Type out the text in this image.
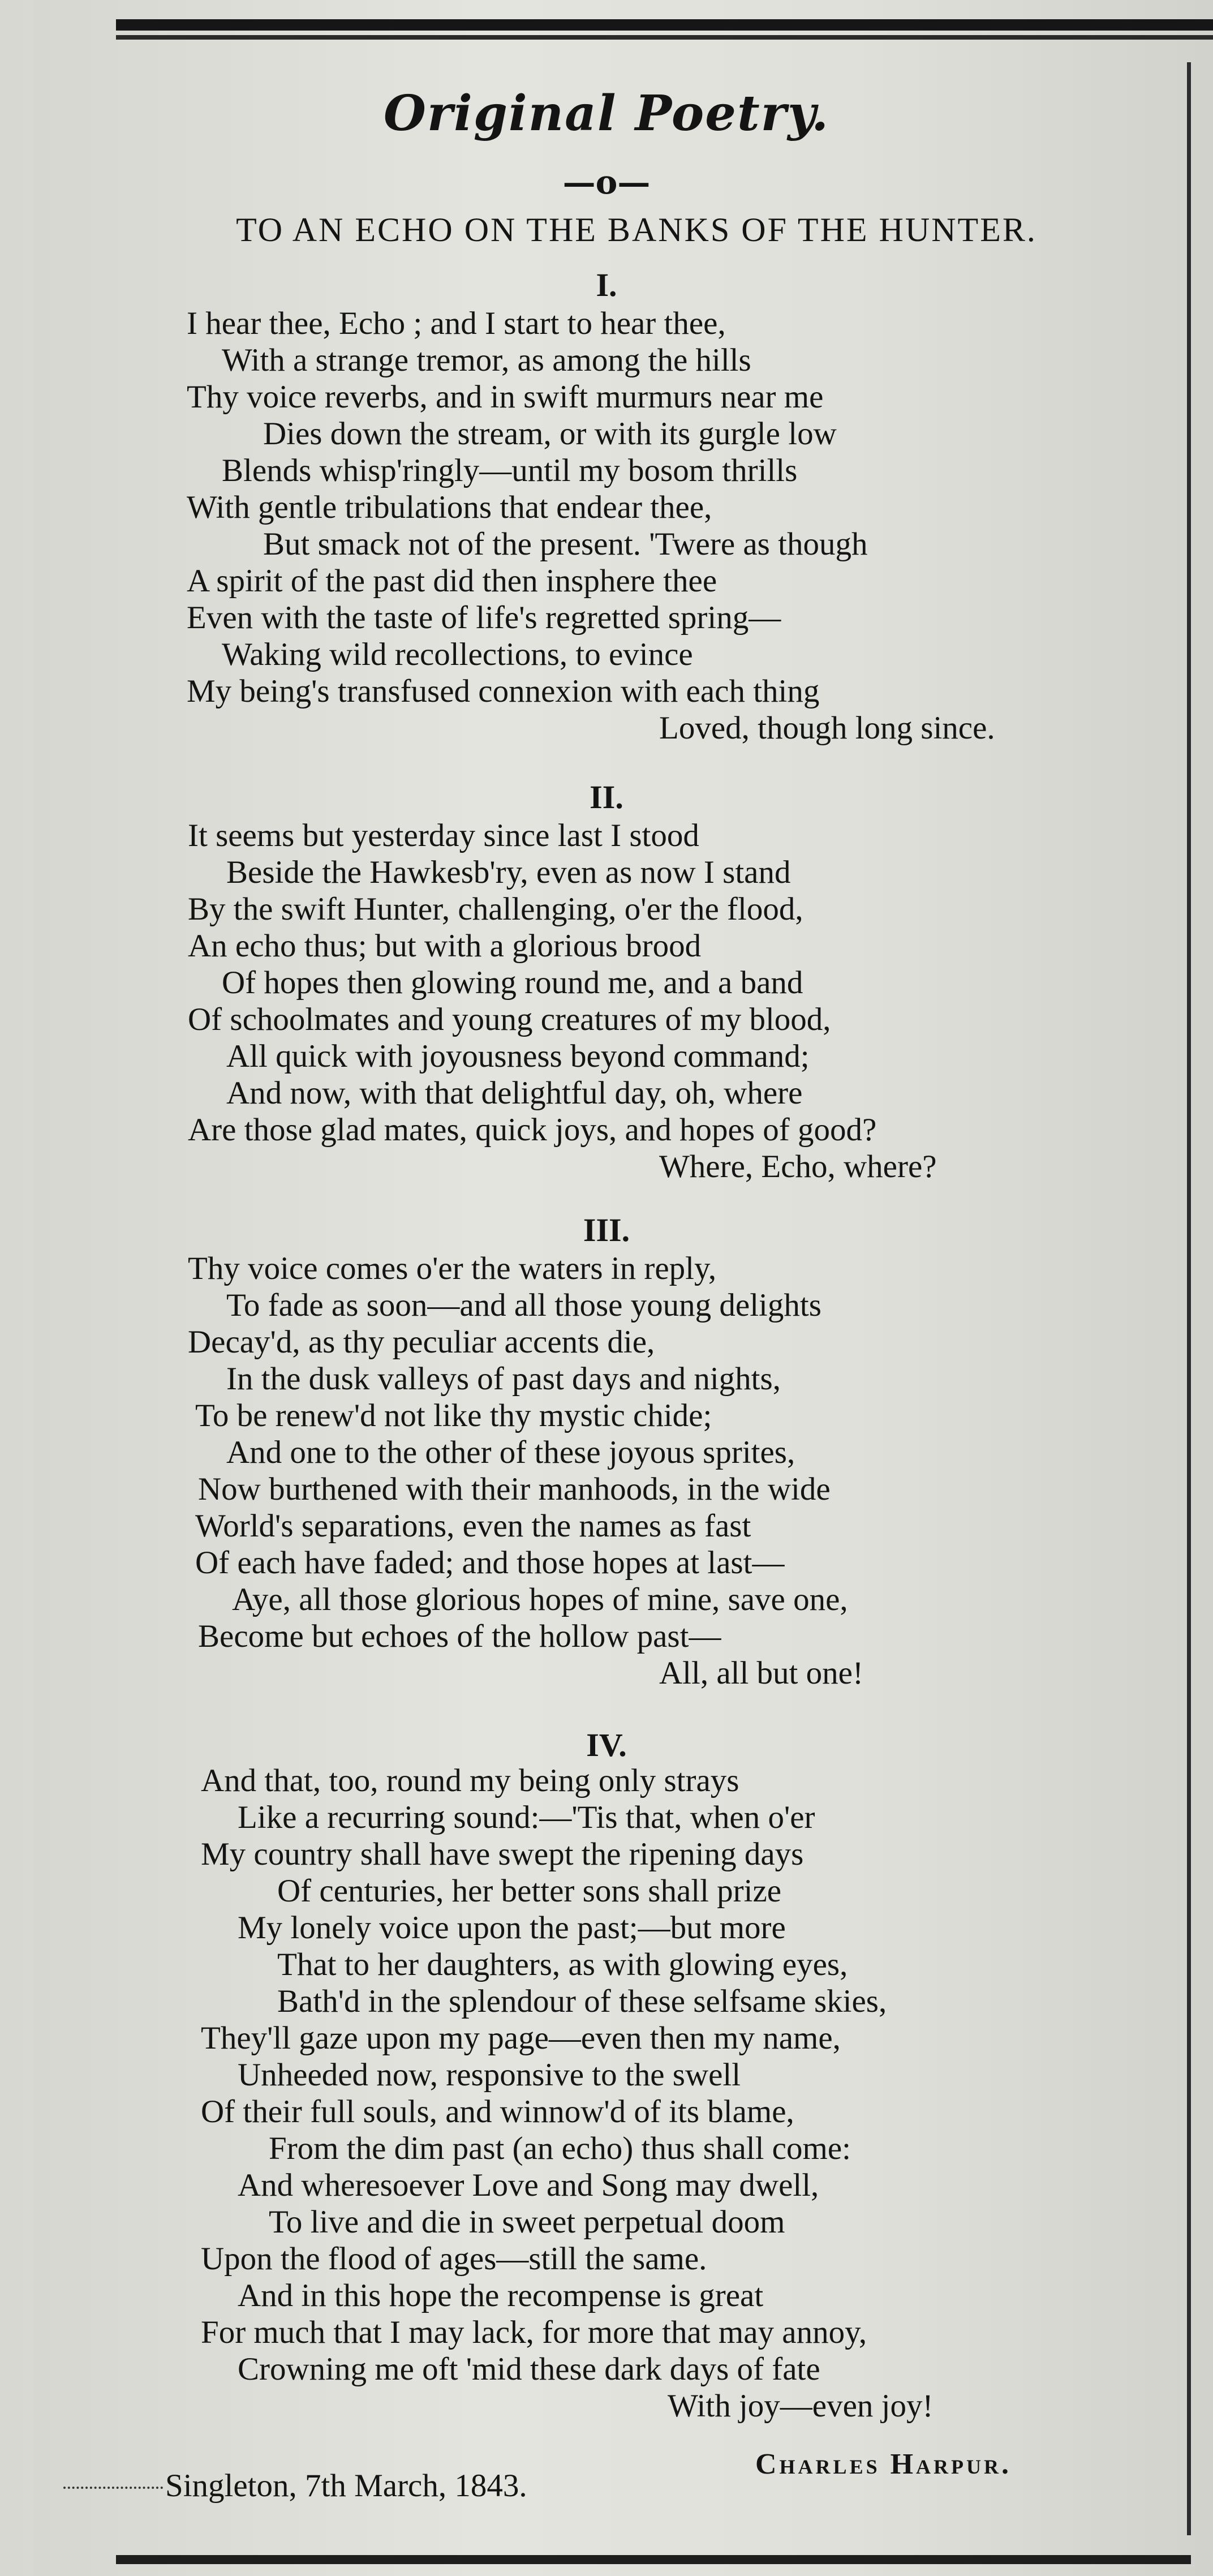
Original Poetry.
—o—
TO AN ECHO ON THE BANKS OF THE HUNTER.
I.
I hear thee, Echo ; and I start to hear thee,
With a strange tremor, as among the hills
Thy voice reverbs, and in swift murmurs near me
Dies down the stream, or with its gurgle low
Blends whisp'ringly—until my bosom thrills
With gentle tribulations that endear thee,
But smack not of the present. 'Twere as though
A spirit of the past did then insphere thee
Even with the taste of life's regretted spring—
Waking wild recollections, to evince
My being's transfused connexion with each thing
Loved, though long since.
II.
It seems but yesterday since last I stood
Beside the Hawkesb'ry, even as now I stand
By the swift Hunter, challenging, o'er the flood,
An echo thus; but with a glorious brood
Of hopes then glowing round me, and a band
Of schoolmates and young creatures of my blood,
All quick with joyousness beyond command;
And now, with that delightful day, oh, where
Are those glad mates, quick joys, and hopes of good?
Where, Echo, where?
III.
Thy voice comes o'er the waters in reply,
To fade as soon—and all those young delights
Decay'd, as thy peculiar accents die,
In the dusk valleys of past days and nights,
To be renew'd not like thy mystic chide;
And one to the other of these joyous sprites,
Now burthened with their manhoods, in the wide
World's separations, even the names as fast
Of each have faded; and those hopes at last—
Aye, all those glorious hopes of mine, save one,
Become but echoes of the hollow past—
All, all but one!
IV.
And that, too, round my being only strays
Like a recurring sound:—'Tis that, when o'er
My country shall have swept the ripening days
Of centuries, her better sons shall prize
My lonely voice upon the past;—but more
That to her daughters, as with glowing eyes,
Bath'd in the splendour of these selfsame skies,
They'll gaze upon my page—even then my name,
Unheeded now, responsive to the swell
Of their full souls, and winnow'd of its blame,
From the dim past (an echo) thus shall come:
And wheresoever Love and Song may dwell,
To live and die in sweet perpetual doom
Upon the flood of ages—still the same.
And in this hope the recompense is great
For much that I may lack, for more that may annoy,
Crowning me oft 'mid these dark days of fate
With joy—even joy!
Charles Harpur.
Singleton, 7th March, 1843.
